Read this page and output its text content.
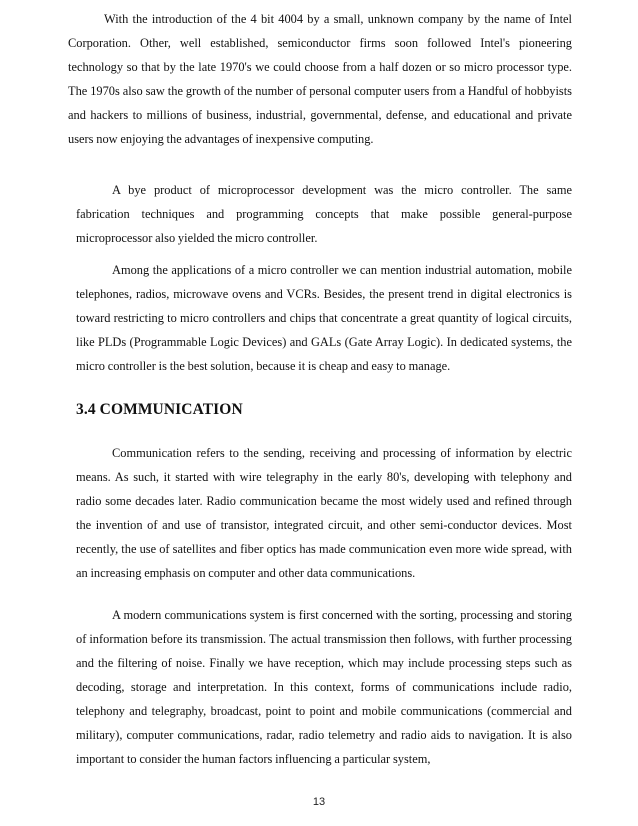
With the introduction of the 4 bit 4004 by a small, unknown company by the name of Intel Corporation. Other, well established, semiconductor firms soon followed Intel's pioneering technology so that by the late 1970's we could choose from a half dozen or so micro processor type. The 1970s also saw the growth of the number of personal computer users from a Handful of hobbyists and hackers to millions of business, industrial, governmental, defense, and educational and private users now enjoying the advantages of inexpensive computing.

A bye product of microprocessor development was the micro controller. The same fabrication techniques and programming concepts that make possible general-purpose microprocessor also yielded the micro controller.

Among the applications of a micro controller we can mention industrial automation, mobile telephones, radios, microwave ovens and VCRs. Besides, the present trend in digital electronics is toward restricting to micro controllers and chips that concentrate a great quantity of logical circuits, like PLDs (Programmable Logic Devices) and GALs (Gate Array Logic). In dedicated systems, the micro controller is the best solution, because it is cheap and easy to manage.

3.4 COMMUNICATION

Communication refers to the sending, receiving and processing of information by electric means. As such, it started with wire telegraphy in the early 80's, developing with telephony and radio some decades later. Radio communication became the most widely used and refined through the invention of and use of transistor, integrated circuit, and other semi-conductor devices. Most recently, the use of satellites and fiber optics has made communication even more wide spread, with an increasing emphasis on computer and other data communications.

A modern communications system is first concerned with the sorting, processing and storing of information before its transmission. The actual transmission then follows, with further processing and the filtering of noise. Finally we have reception, which may include processing steps such as decoding, storage and interpretation. In this context, forms of communications include radio, telephony and telegraphy, broadcast, point to point and mobile communications (commercial and military), computer communications, radar, radio telemetry and radio aids to navigation. It is also important to consider the human factors influencing a particular system,

13
